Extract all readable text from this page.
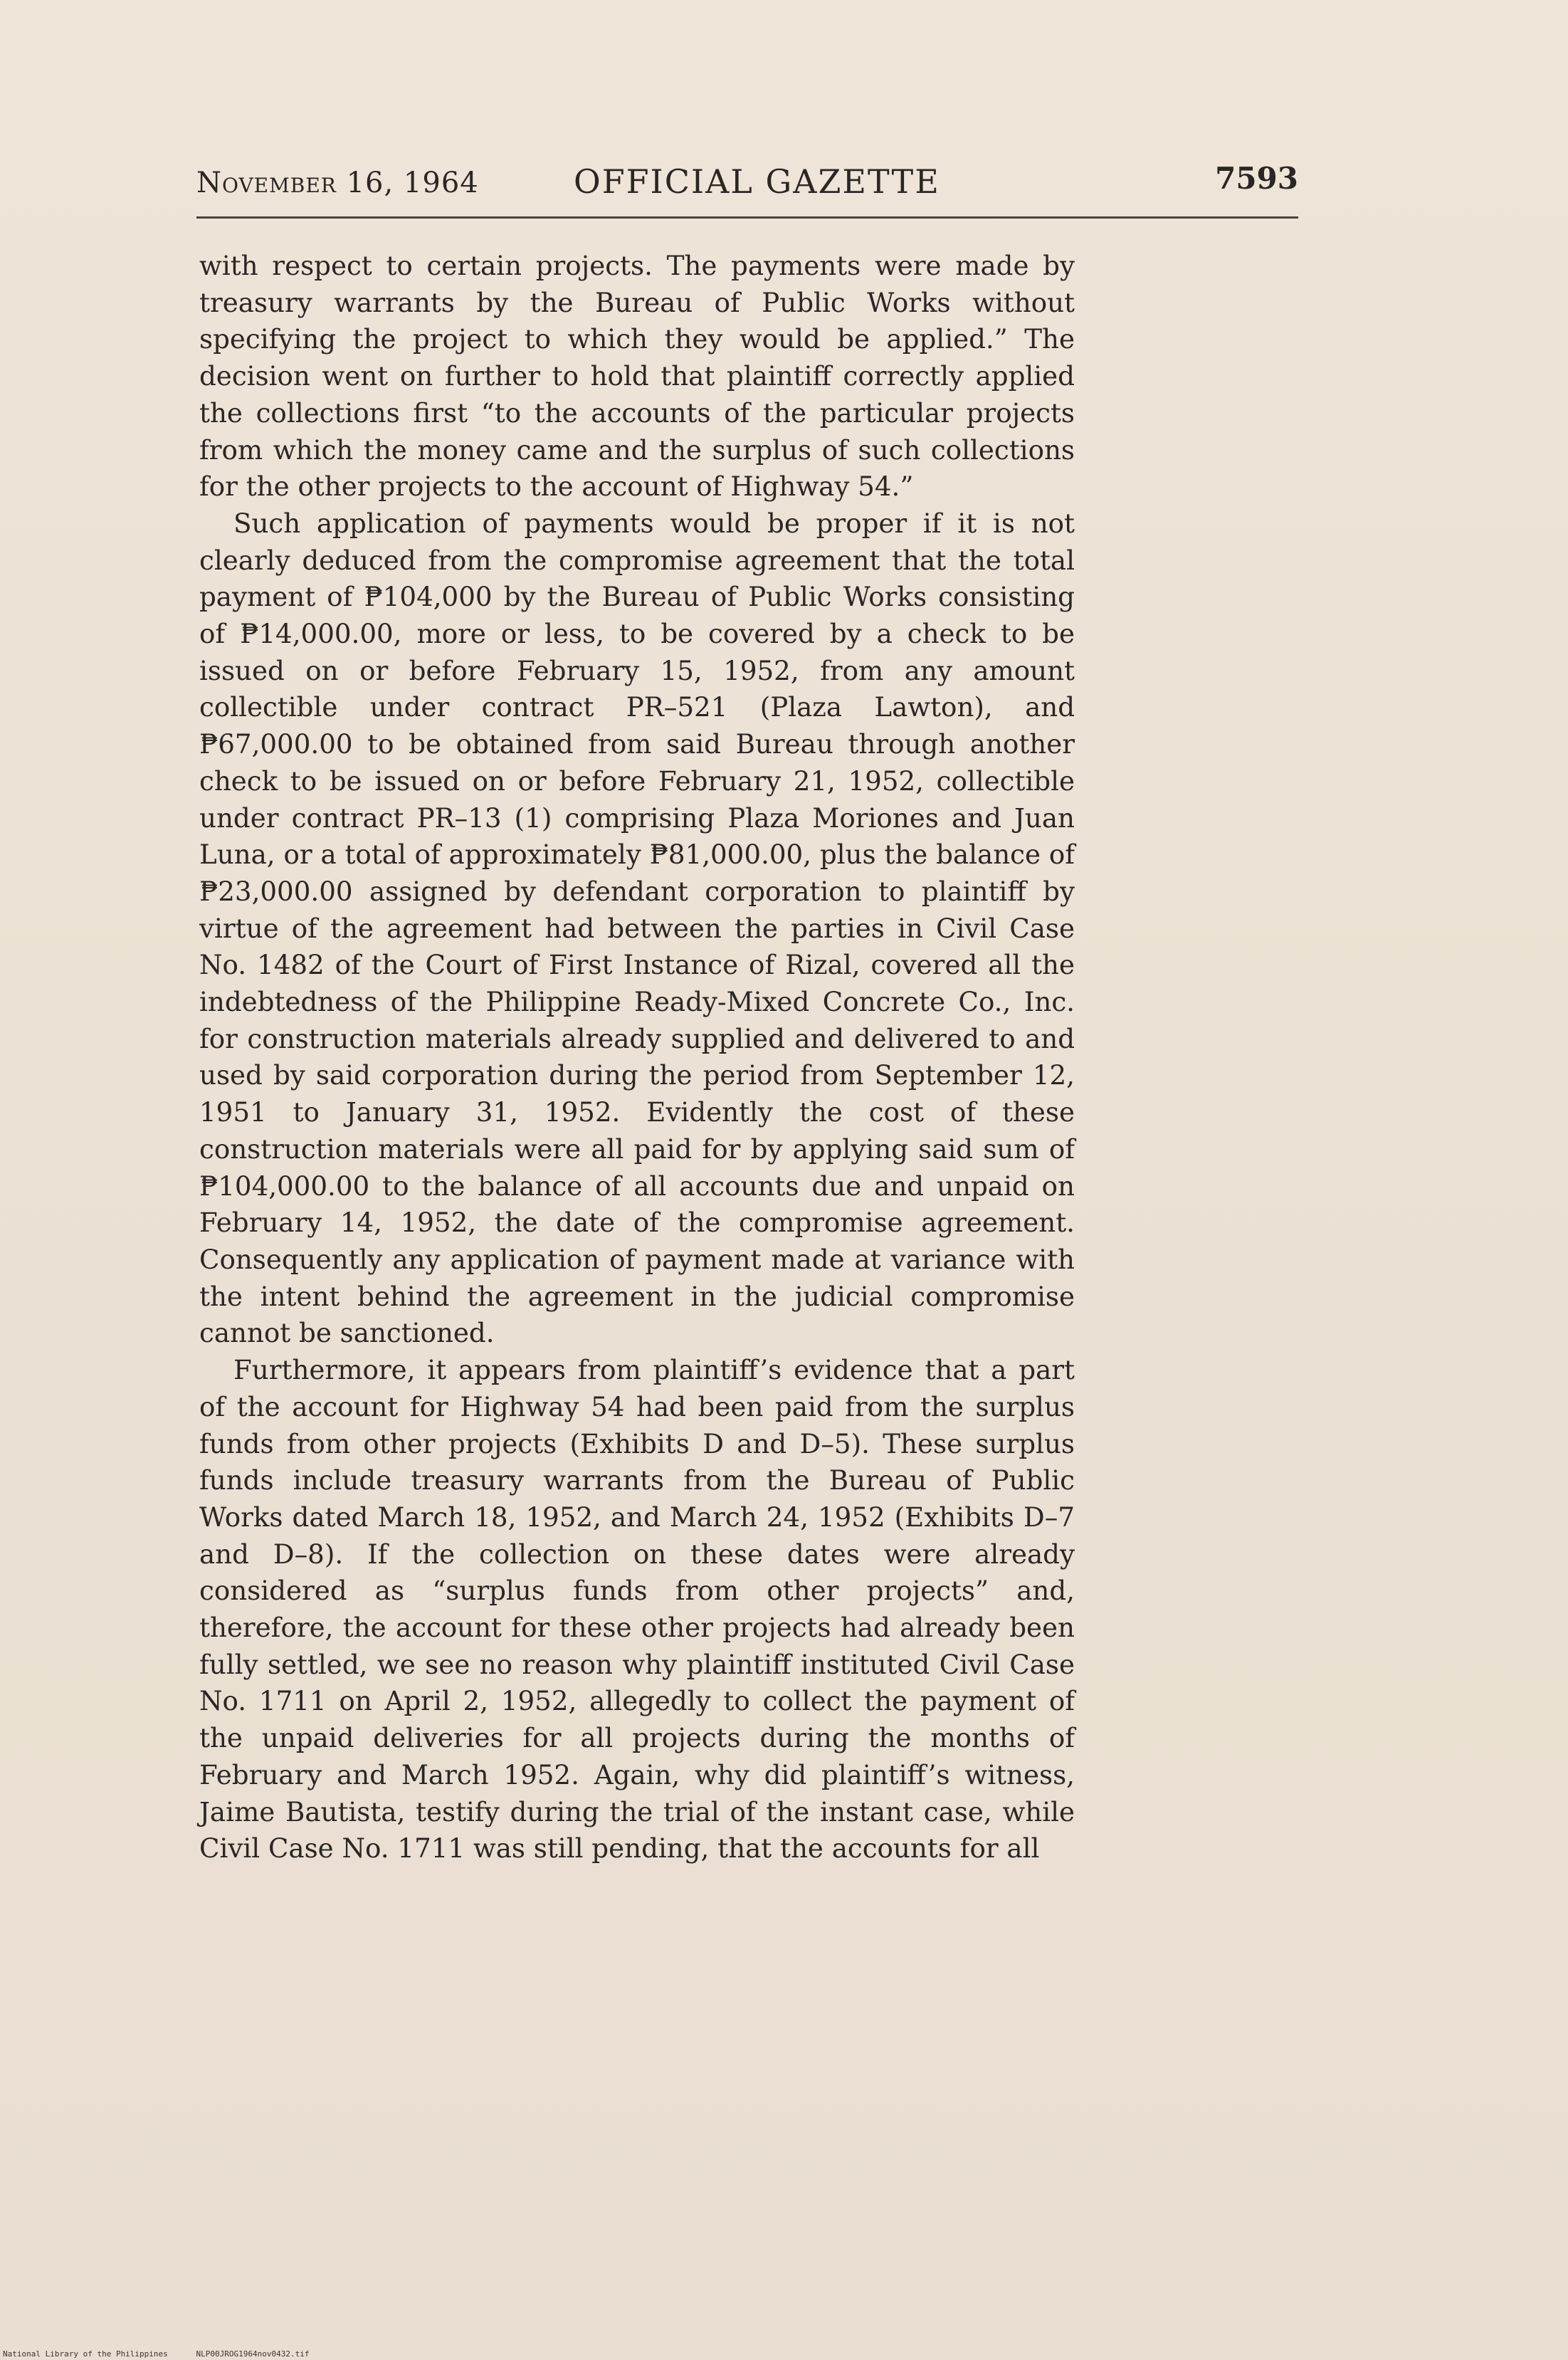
November 16, 1964	OFFICIAL GAZETTE	7593

with respect to certain projects. The payments were made by treasury warrants by the Bureau of Public Works without specifying the project to which they would be applied.” The decision went on further to hold that plaintiff correctly applied the collections first “to the accounts of the particular projects from which the money came and the surplus of such collections for the other projects to the account of Highway 54.”

Such application of payments would be proper if it is not clearly deduced from the compromise agreement that the total payment of ₱104,000 by the Bureau of Public Works consisting of ₱14,000.00, more or less, to be covered by a check to be issued on or before February 15, 1952, from any amount collectible under contract PR–521 (Plaza Lawton), and ₱67,000.00 to be obtained from said Bureau through another check to be issued on or before February 21, 1952, collectible under contract PR–13 (1) comprising Plaza Moriones and Juan Luna, or a total of approximately ₱81,000.00, plus the balance of ₱23,000.00 assigned by defendant corporation to plaintiff by virtue of the agreement had between the parties in Civil Case No. 1482 of the Court of First Instance of Rizal, covered all the indebtedness of the Philippine Ready-Mixed Concrete Co., Inc. for construction materials already supplied and delivered to and used by said corporation during the period from September 12, 1951 to January 31, 1952. Evidently the cost of these construction materials were all paid for by applying said sum of ₱104,000.00 to the balance of all accounts due and unpaid on February 14, 1952, the date of the compromise agreement. Consequently any application of payment made at variance with the intent behind the agreement in the judicial compromise cannot be sanctioned.

Furthermore, it appears from plaintiff’s evidence that a part of the account for Highway 54 had been paid from the surplus funds from other projects (Exhibits D and D–5). These surplus funds include treasury warrants from the Bureau of Public Works dated March 18, 1952, and March 24, 1952 (Exhibits D–7 and D–8). If the collection on these dates were already considered as “surplus funds from other projects” and, therefore, the account for these other projects had already been fully settled, we see no reason why plaintiff instituted Civil Case No. 1711 on April 2, 1952, allegedly to collect the payment of the unpaid deliveries for all projects during the months of February and March 1952. Again, why did plaintiff’s witness, Jaime Bautista, testify during the trial of the instant case, while Civil Case No. 1711 was still pending, that the accounts for all

National Library of the Philippines	NLP00JROG1964nov0432.tif
